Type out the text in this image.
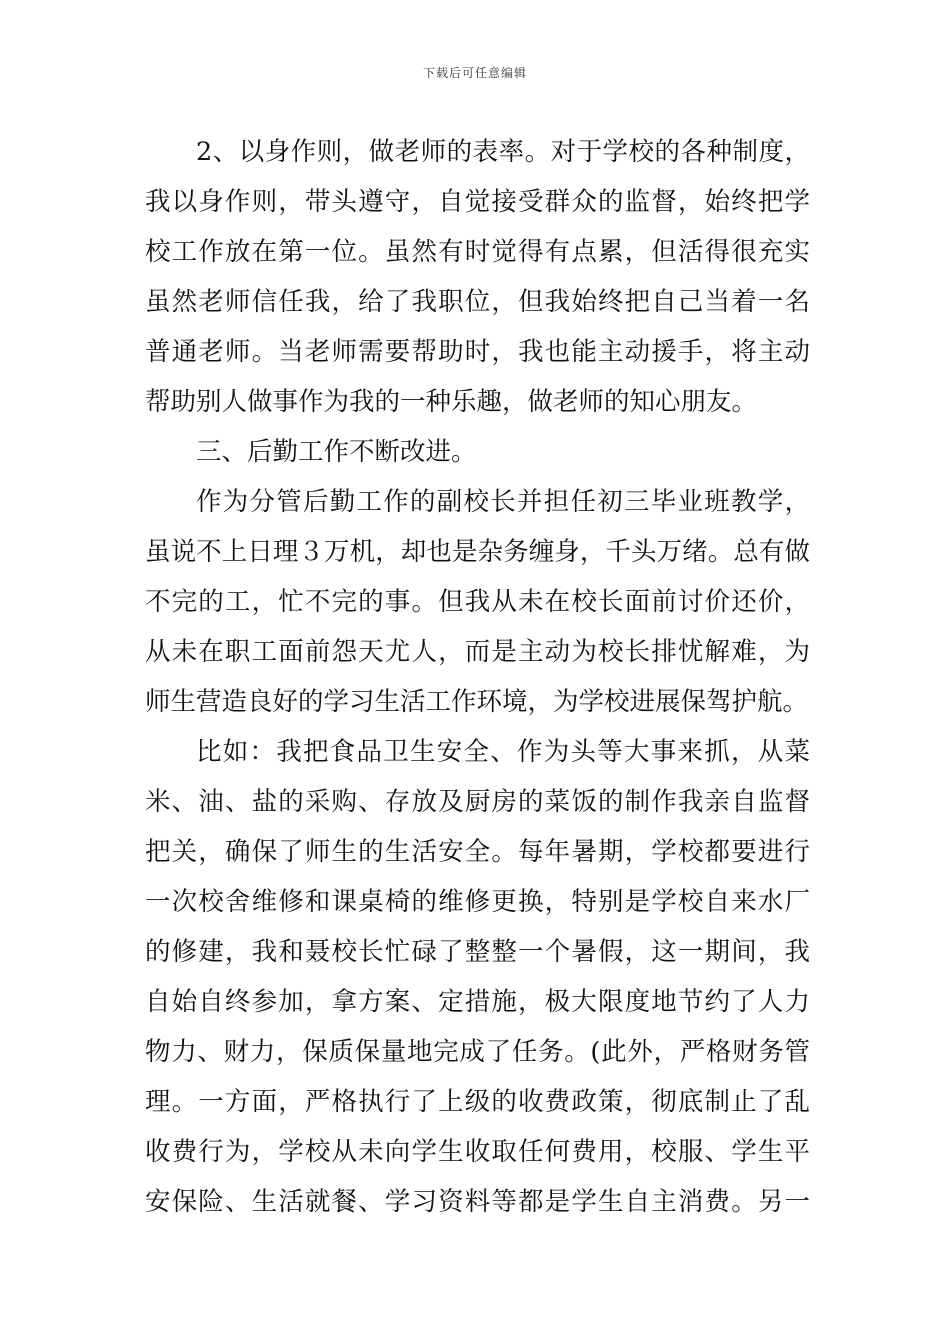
下载后可任意编辑
2、以身作则，做老师的表率。对于学校的各种制度，
我以身作则，带头遵守，自觉接受群众的监督，始终把学
校工作放在第一位。虽然有时觉得有点累，但活得很充实
虽然老师信任我，给了我职位，但我始终把自己当着一名
普通老师。当老师需要帮助时，我也能主动援手，将主动
帮助别人做事作为我的一种乐趣，做老师的知心朋友。
三、后勤工作不断改进。
作为分管后勤工作的副校长并担任初三毕业班教学，
虽说不上日理３万机，却也是杂务缠身，千头万绪。总有做
不完的工，忙不完的事。但我从未在校长面前讨价还价，
从未在职工面前怨天尤人，而是主动为校长排忧解难，为
师生营造良好的学习生活工作环境，为学校进展保驾护航。
比如：我把食品卫生安全、作为头等大事来抓，从菜
米、油、盐的采购、存放及厨房的菜饭的制作我亲自监督
把关，确保了师生的生活安全。每年暑期，学校都要进行
一次校舍维修和课桌椅的维修更换，特别是学校自来水厂
的修建，我和聂校长忙碌了整整一个暑假，这一期间，我
自始自终参加，拿方案、定措施，极大限度地节约了人力
物力、财力，保质保量地完成了任务。(此外，严格财务管
理。一方面，严格执行了上级的收费政策，彻底制止了乱
收费行为，学校从未向学生收取任何费用，校服、学生平
安保险、生活就餐、学习资料等都是学生自主消费。另一
